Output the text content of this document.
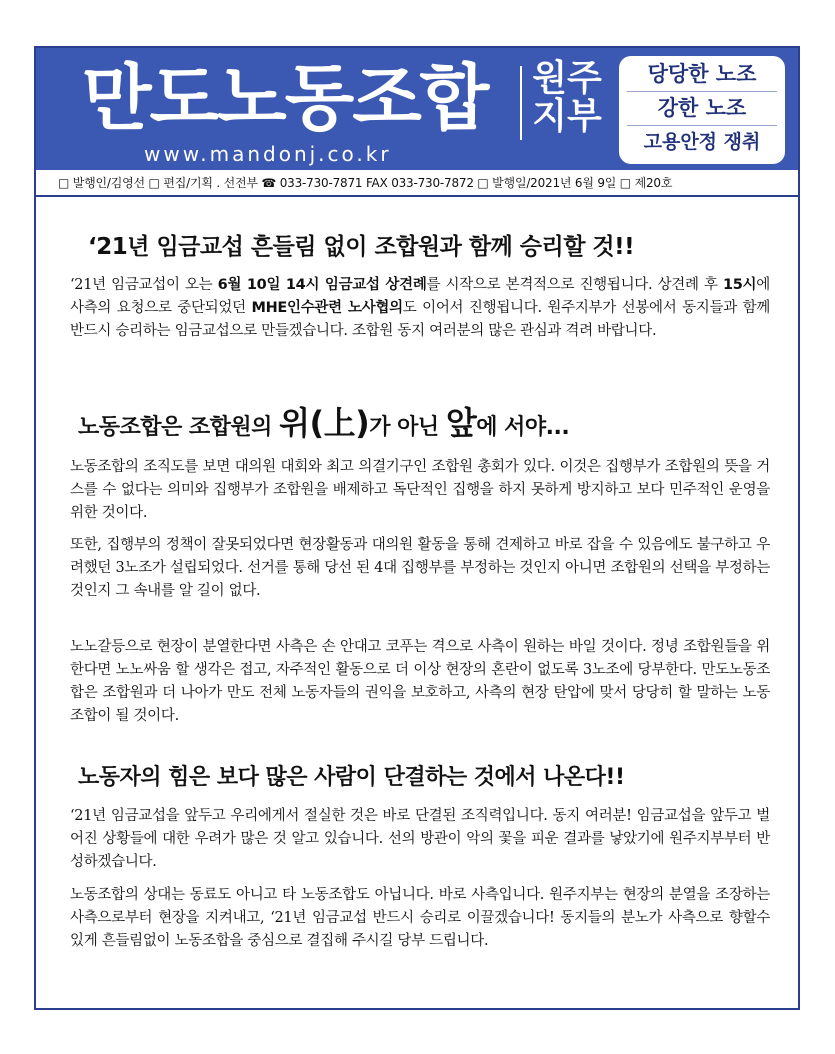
만도노동조합 원주
지부
www.mandonj.co.kr
당당한 노조
강한 노조
고용안정 쟁취
□ 발행인/김영선 □ 편집/기획 . 선전부 ☎ 033-730-7871 FAX 033-730-7872 □ 발행일/2021년 6월 9일 □ 제20호
‘21년 임금교섭 흔들림 없이 조합원과 함께 승리할 것!!
‘21년 임금교섭이 오는 6월 10일 14시 임금교섭 상견례를 시작으로 본격적으로 진행됩니다. 상견례 후 15시에 사측의 요청으로 중단되었던 MHE인수관련 노사협의도 이어서 진행됩니다. 원주지부가 선봉에서 동지들과 함께 반드시 승리하는 임금교섭으로 만들겠습니다. 조합원 동지 여러분의 많은 관심과 격려 바랍니다.
노동조합은 조합원의 위(上)가 아닌 앞에 서야...
노동조합의 조직도를 보면 대의원 대회와 최고 의결기구인 조합원 총회가 있다. 이것은 집행부가 조합원의 뜻을 거스를 수 없다는 의미와 집행부가 조합원을 배제하고 독단적인 집행을 하지 못하게 방지하고 보다 민주적인 운영을 위한 것이다.
또한, 집행부의 정책이 잘못되었다면 현장활동과 대의원 활동을 통해 견제하고 바로 잡을 수 있음에도 불구하고 우려했던 3노조가 설립되었다. 선거를 통해 당선 된 4대 집행부를 부정하는 것인지 아니면 조합원의 선택을 부정하는 것인지 그 속내를 알 길이 없다.
노노갈등으로 현장이 분열한다면 사측은 손 안대고 코푸는 격으로 사측이 원하는 바일 것이다. 정녕 조합원들을 위한다면 노노싸움 할 생각은 접고, 자주적인 활동으로 더 이상 현장의 혼란이 없도록 3노조에 당부한다. 만도노동조합은 조합원과 더 나아가 만도 전체 노동자들의 권익을 보호하고, 사측의 현장 탄압에 맞서 당당히 할 말하는 노동조합이 될 것이다.
노동자의 힘은 보다 많은 사람이 단결하는 것에서 나온다!!
‘21년 임금교섭을 앞두고 우리에게서 절실한 것은 바로 단결된 조직력입니다. 동지 여러분! 임금교섭을 앞두고 벌어진 상황들에 대한 우려가 많은 것 알고 있습니다. 선의 방관이 악의 꽃을 피운 결과를 낳았기에 원주지부부터 반성하겠습니다.
노동조합의 상대는 동료도 아니고 타 노동조합도 아닙니다. 바로 사측입니다. 원주지부는 현장의 분열을 조장하는 사측으로부터 현장을 지켜내고, ‘21년 임금교섭 반드시 승리로 이끌겠습니다! 동지들의 분노가 사측으로 향할수 있게 흔들림없이 노동조합을 중심으로 결집해 주시길 당부 드립니다.
